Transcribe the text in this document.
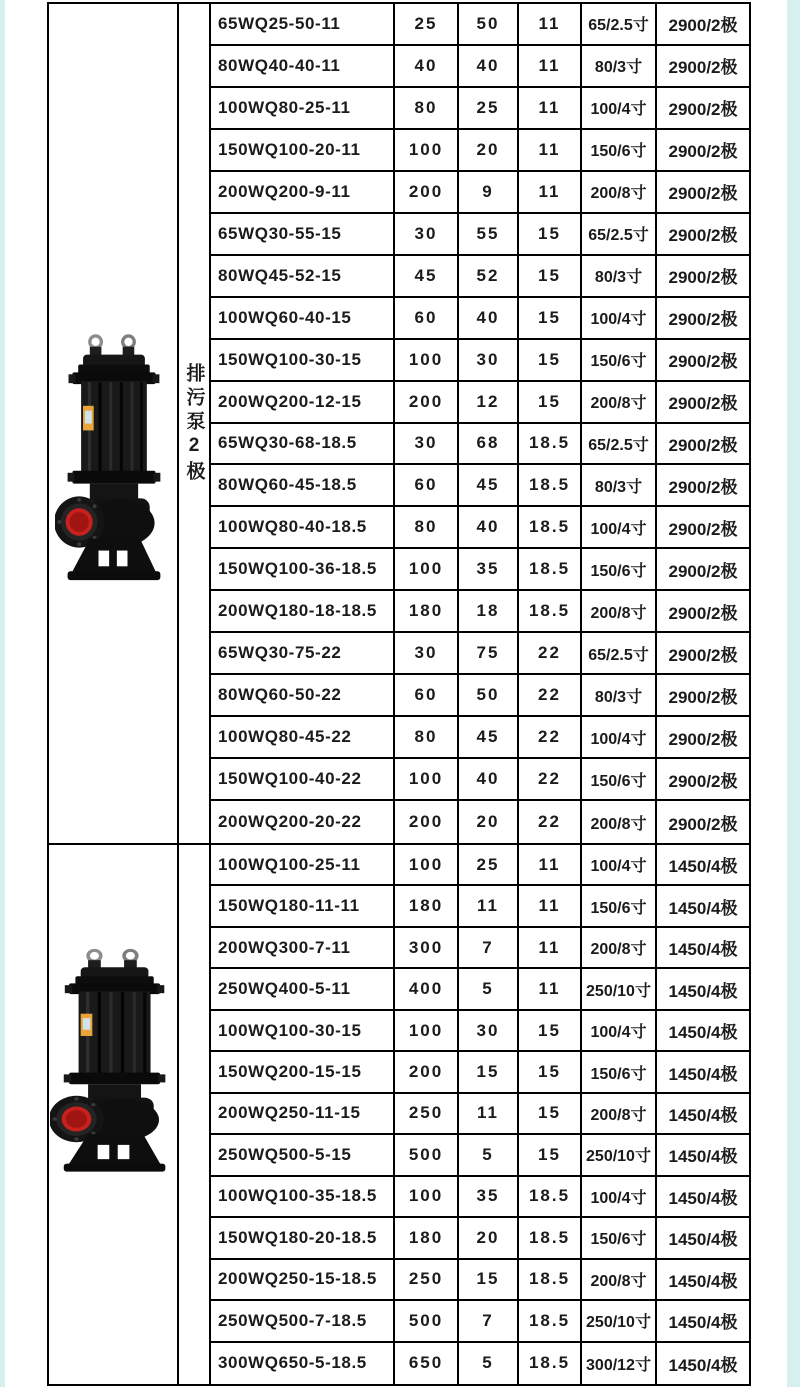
排污泵2极
65WQ25-50-11	25	50	11	65/2.5寸	2900/2极
80WQ40-40-11	40	40	11	80/3寸	2900/2极
100WQ80-25-11	80	25	11	100/4寸	2900/2极
150WQ100-20-11	100	20	11	150/6寸	2900/2极
200WQ200-9-11	200	9	11	200/8寸	2900/2极
65WQ30-55-15	30	55	15	65/2.5寸	2900/2极
80WQ45-52-15	45	52	15	80/3寸	2900/2极
100WQ60-40-15	60	40	15	100/4寸	2900/2极
150WQ100-30-15	100	30	15	150/6寸	2900/2极
200WQ200-12-15	200	12	15	200/8寸	2900/2极
65WQ30-68-18.5	30	68	18.5	65/2.5寸	2900/2极
80WQ60-45-18.5	60	45	18.5	80/3寸	2900/2极
100WQ80-40-18.5	80	40	18.5	100/4寸	2900/2极
150WQ100-36-18.5	100	35	18.5	150/6寸	2900/2极
200WQ180-18-18.5	180	18	18.5	200/8寸	2900/2极
65WQ30-75-22	30	75	22	65/2.5寸	2900/2极
80WQ60-50-22	60	50	22	80/3寸	2900/2极
100WQ80-45-22	80	45	22	100/4寸	2900/2极
150WQ100-40-22	100	40	22	150/6寸	2900/2极
200WQ200-20-22	200	20	22	200/8寸	2900/2极
100WQ100-25-11	100	25	11	100/4寸	1450/4极
150WQ180-11-11	180	11	11	150/6寸	1450/4极
200WQ300-7-11	300	7	11	200/8寸	1450/4极
250WQ400-5-11	400	5	11	250/10寸	1450/4极
100WQ100-30-15	100	30	15	100/4寸	1450/4极
150WQ200-15-15	200	15	15	150/6寸	1450/4极
200WQ250-11-15	250	11	15	200/8寸	1450/4极
250WQ500-5-15	500	5	15	250/10寸	1450/4极
100WQ100-35-18.5	100	35	18.5	100/4寸	1450/4极
150WQ180-20-18.5	180	20	18.5	150/6寸	1450/4极
200WQ250-15-18.5	250	15	18.5	200/8寸	1450/4极
250WQ500-7-18.5	500	7	18.5 250/10寸	1450/4极
300WQ650-5-18.5	650	5	18.5 300/12寸	1450/4极
